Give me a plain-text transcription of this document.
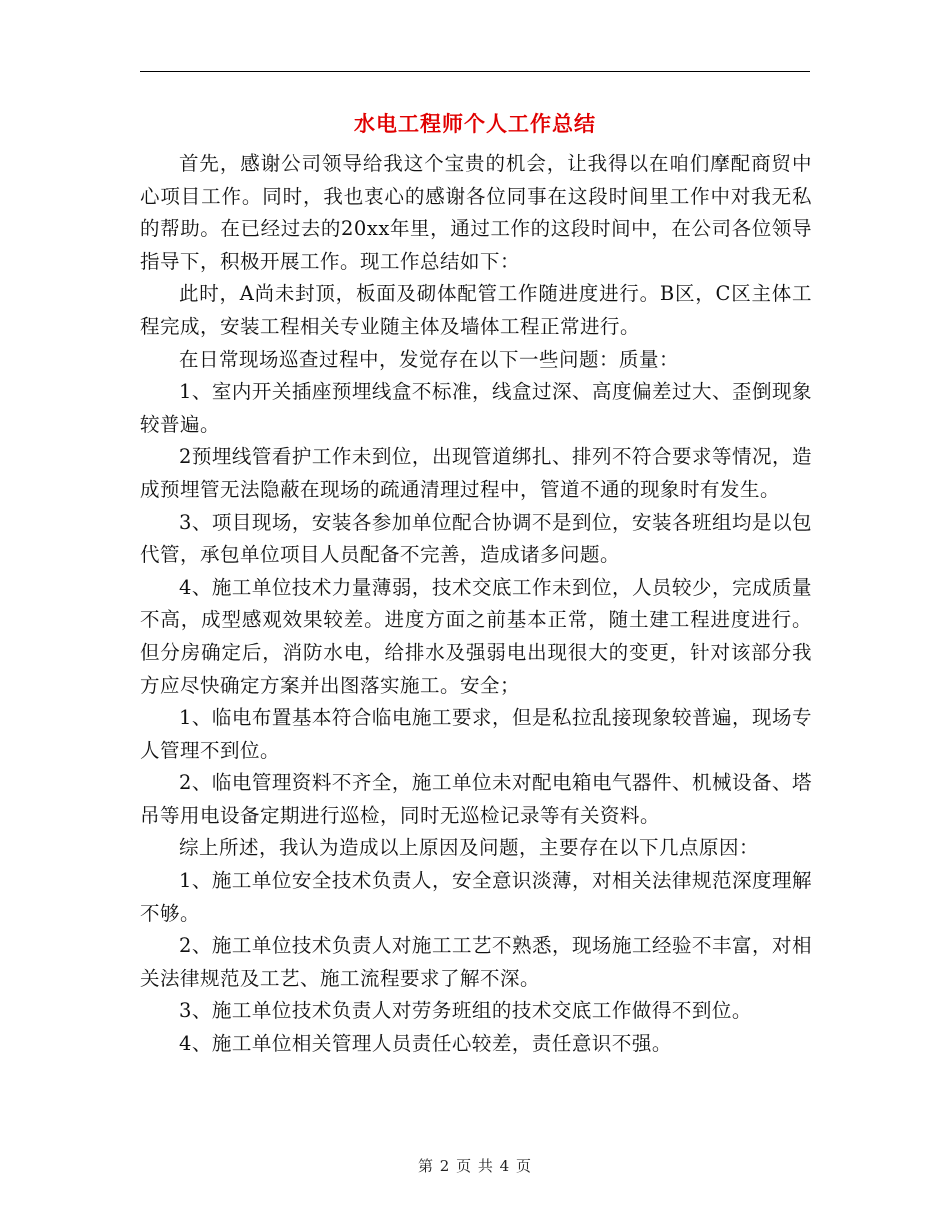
水电工程师个人工作总结

首先，感谢公司领导给我这个宝贵的机会，让我得以在咱们摩配商贸中心项目工作。同时，我也衷心的感谢各位同事在这段时间里工作中对我无私的帮助。在已经过去的20xx年里，通过工作的这段时间中，在公司各位领导指导下，积极开展工作。现工作总结如下：

此时，A尚未封顶，板面及砌体配管工作随进度进行。B区，C区主体工程完成，安装工程相关专业随主体及墙体工程正常进行。

在日常现场巡查过程中，发觉存在以下一些问题：质量：

1、室内开关插座预埋线盒不标准，线盒过深、高度偏差过大、歪倒现象较普遍。

2预埋线管看护工作未到位，出现管道绑扎、排列不符合要求等情况，造成预埋管无法隐蔽在现场的疏通清理过程中，管道不通的现象时有发生。

3、项目现场，安装各参加单位配合协调不是到位，安装各班组均是以包代管，承包单位项目人员配备不完善，造成诸多问题。

4、施工单位技术力量薄弱，技术交底工作未到位，人员较少，完成质量不高，成型感观效果较差。进度方面之前基本正常，随土建工程进度进行。但分房确定后，消防水电，给排水及强弱电出现很大的变更，针对该部分我方应尽快确定方案并出图落实施工。安全；

1、临电布置基本符合临电施工要求，但是私拉乱接现象较普遍，现场专人管理不到位。

2、临电管理资料不齐全，施工单位未对配电箱电气器件、机械设备、塔吊等用电设备定期进行巡检，同时无巡检记录等有关资料。

综上所述，我认为造成以上原因及问题，主要存在以下几点原因：

1、施工单位安全技术负责人，安全意识淡薄，对相关法律规范深度理解不够。

2、施工单位技术负责人对施工工艺不熟悉，现场施工经验不丰富，对相关法律规范及工艺、施工流程要求了解不深。

3、施工单位技术负责人对劳务班组的技术交底工作做得不到位。

4、施工单位相关管理人员责任心较差，责任意识不强。

第 2 页 共 4 页
